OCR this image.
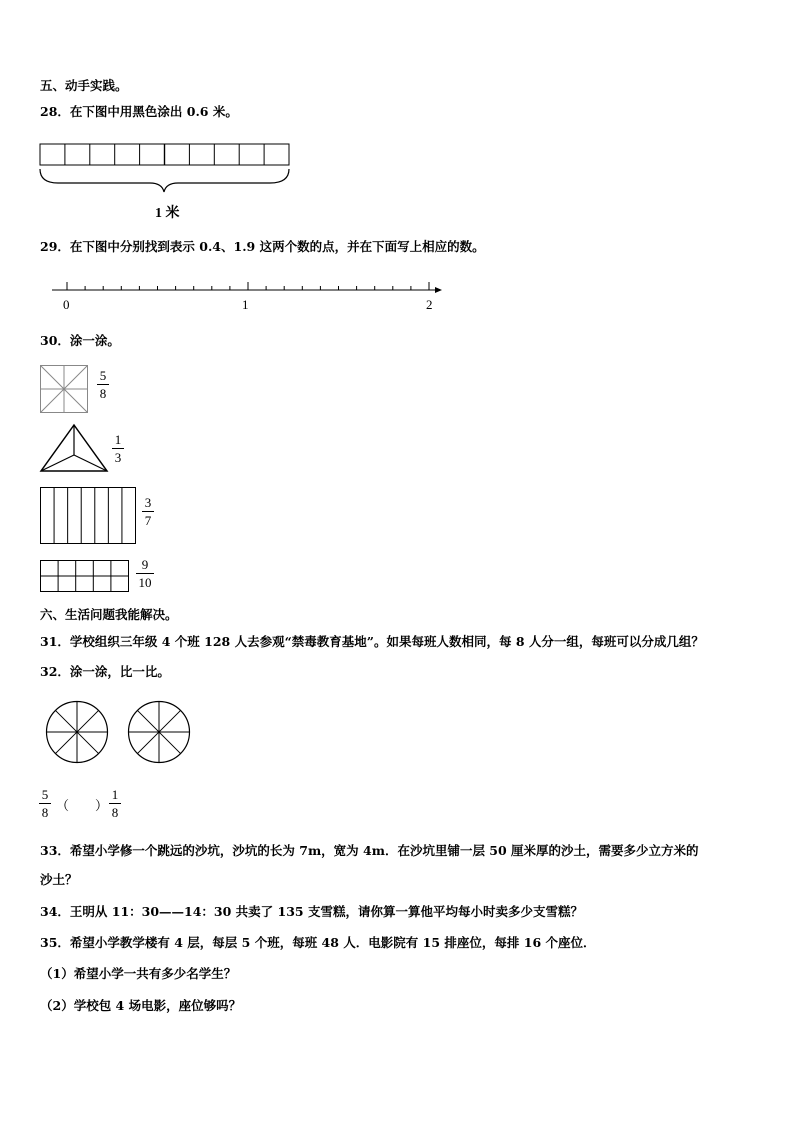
五、动手实践。
28．在下图中用黑色涂出 0.6 米。
1 米
29．在下图中分别找到表示 0.4、1.9 这两个数的点，并在下面写上相应的数。
0	1	2
30．涂一涂。
5
8
1
3
3
7
9
10
六、生活问题我能解决。
31．学校组织三年级 4 个班 128 人去参观“禁毒教育基地”。如果每班人数相同，每 8 人分一组，每班可以分成几组？
32．涂一涂，比一比。
5
8 （　　）
1
8
33．希望小学修一个跳远的沙坑，沙坑的长为 7m，宽为 4m．在沙坑里铺一层 50 厘米厚的沙土，需要多少立方米的
沙土？
34．王明从 11：30——14：30 共卖了 135 支雪糕，请你算一算他平均每小时卖多少支雪糕？
35．希望小学教学楼有 4 层，每层 5 个班，每班 48 人．电影院有 15 排座位，每排 16 个座位．
（1）希望小学一共有多少名学生？
（2）学校包 4 场电影，座位够吗？
